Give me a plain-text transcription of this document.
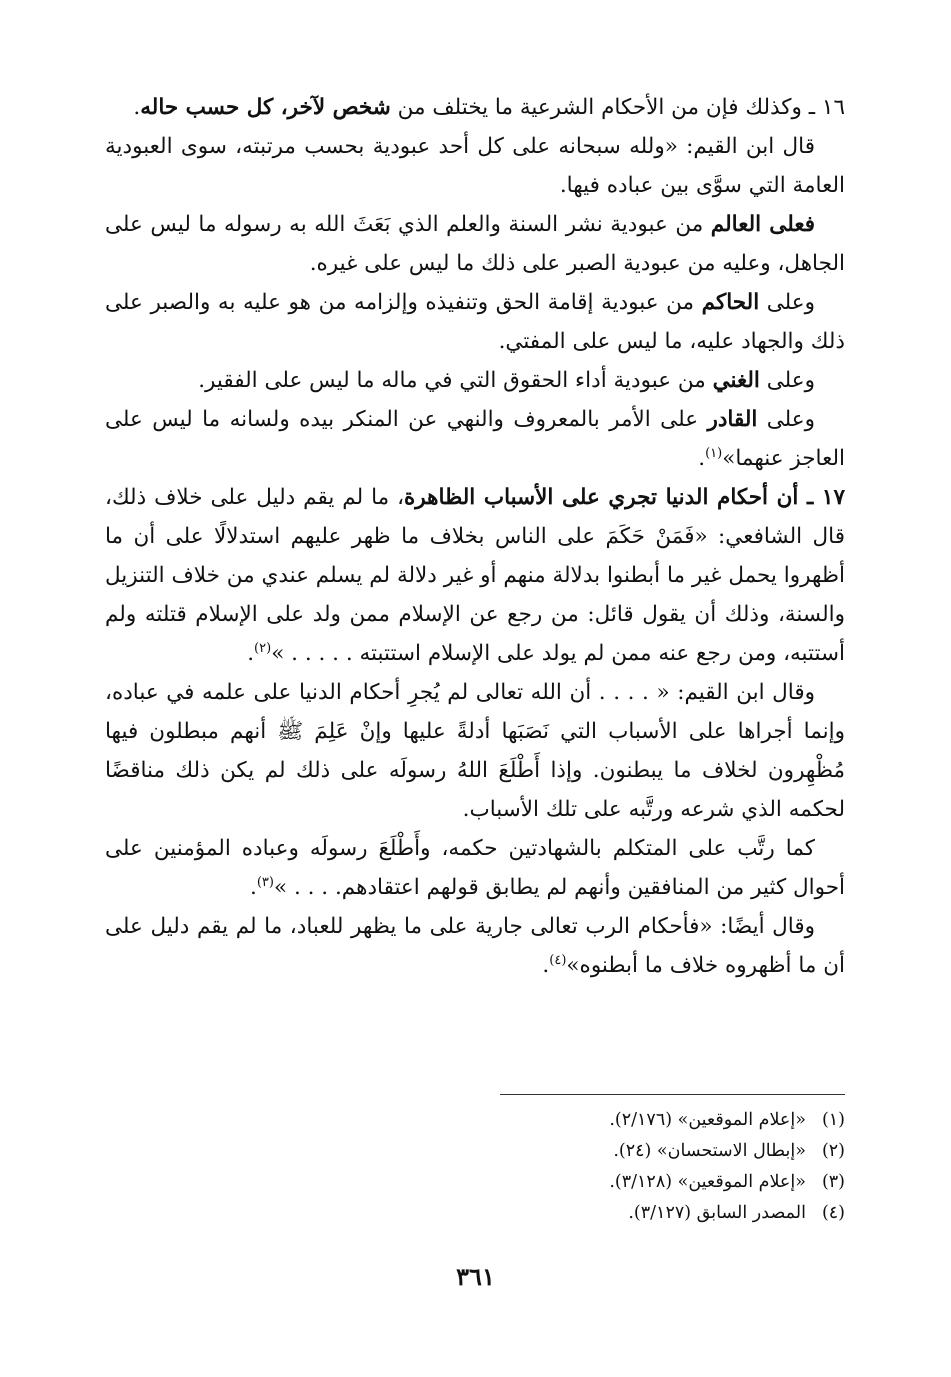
١٦ ـ وكذلك فإن من الأحكام الشرعية ما يختلف من شخص لآخر، كل حسب حاله.

قال ابن القيم: «ولله سبحانه على كل أحد عبودية بحسب مرتبته، سوى العبودية العامة التي سوَّى بين عباده فيها.

فعلى العالم من عبودية نشر السنة والعلم الذي بَعَثَ الله به رسوله ما ليس على الجاهل، وعليه من عبودية الصبر على ذلك ما ليس على غيره.

وعلى الحاكم من عبودية إقامة الحق وتنفيذه وإلزامه من هو عليه به والصبر على ذلك والجهاد عليه، ما ليس على المفتي.

وعلى الغني من عبودية أداء الحقوق التي في ماله ما ليس على الفقير.

وعلى القادر على الأمر بالمعروف والنهي عن المنكر بيده ولسانه ما ليس على العاجز عنهما»$^{(١)}$.

١٧ ـ أن أحكام الدنيا تجري على الأسباب الظاهرة، ما لم يقم دليل على خلاف ذلك، قال الشافعي: «فَمَنْ حَكَمَ على الناس بخلاف ما ظهر عليهم استدلالًا على أن ما أظهروا يحمل غير ما أبطنوا بدلالة منهم أو غير دلالة لم يسلم عندي من خلاف التنزيل والسنة، وذلك أن يقول قائل: من رجع عن الإسلام ممن ولد على الإسلام قتلته ولم أستتبه، ومن رجع عنه ممن لم يولد على الإسلام استتبته . . . . . »$^{(٢)}$.

وقال ابن القيم: « . . . . أن الله تعالى لم يُجرِ أحكام الدنيا على علمه في عباده، وإنما أجراها على الأسباب التي نَصَبَها أدلةً عليها وإنْ عَلِمَ ﷺ أنهم مبطلون فيها مُظْهِرون لخلاف ما يبطنون. وإذا أَطْلَعَ اللهُ رسولَه على ذلك لم يكن ذلك مناقضًا لحكمه الذي شرعه ورتَّبه على تلك الأسباب.

كما رتَّب على المتكلم بالشهادتين حكمه، وأَطْلَعَ رسولَه وعباده المؤمنين على أحوال كثير من المنافقين وأنهم لم يطابق قولهم اعتقادهم. . . . »$^{(٣)}$.

وقال أيضًا: «فأحكام الرب تعالى جارية على ما يظهر للعباد، ما لم يقم دليل على أن ما أظهروه خلاف ما أبطنوه»$^{(٤)}$.

(١)«إعلام الموقعين» (٢/١٧٦).

(٢)«إبطال الاستحسان» (٢٤).

(٣)«إعلام الموقعين» (٣/١٢٨).

(٤)المصدر السابق (٣/١٢٧).

٣٦١
